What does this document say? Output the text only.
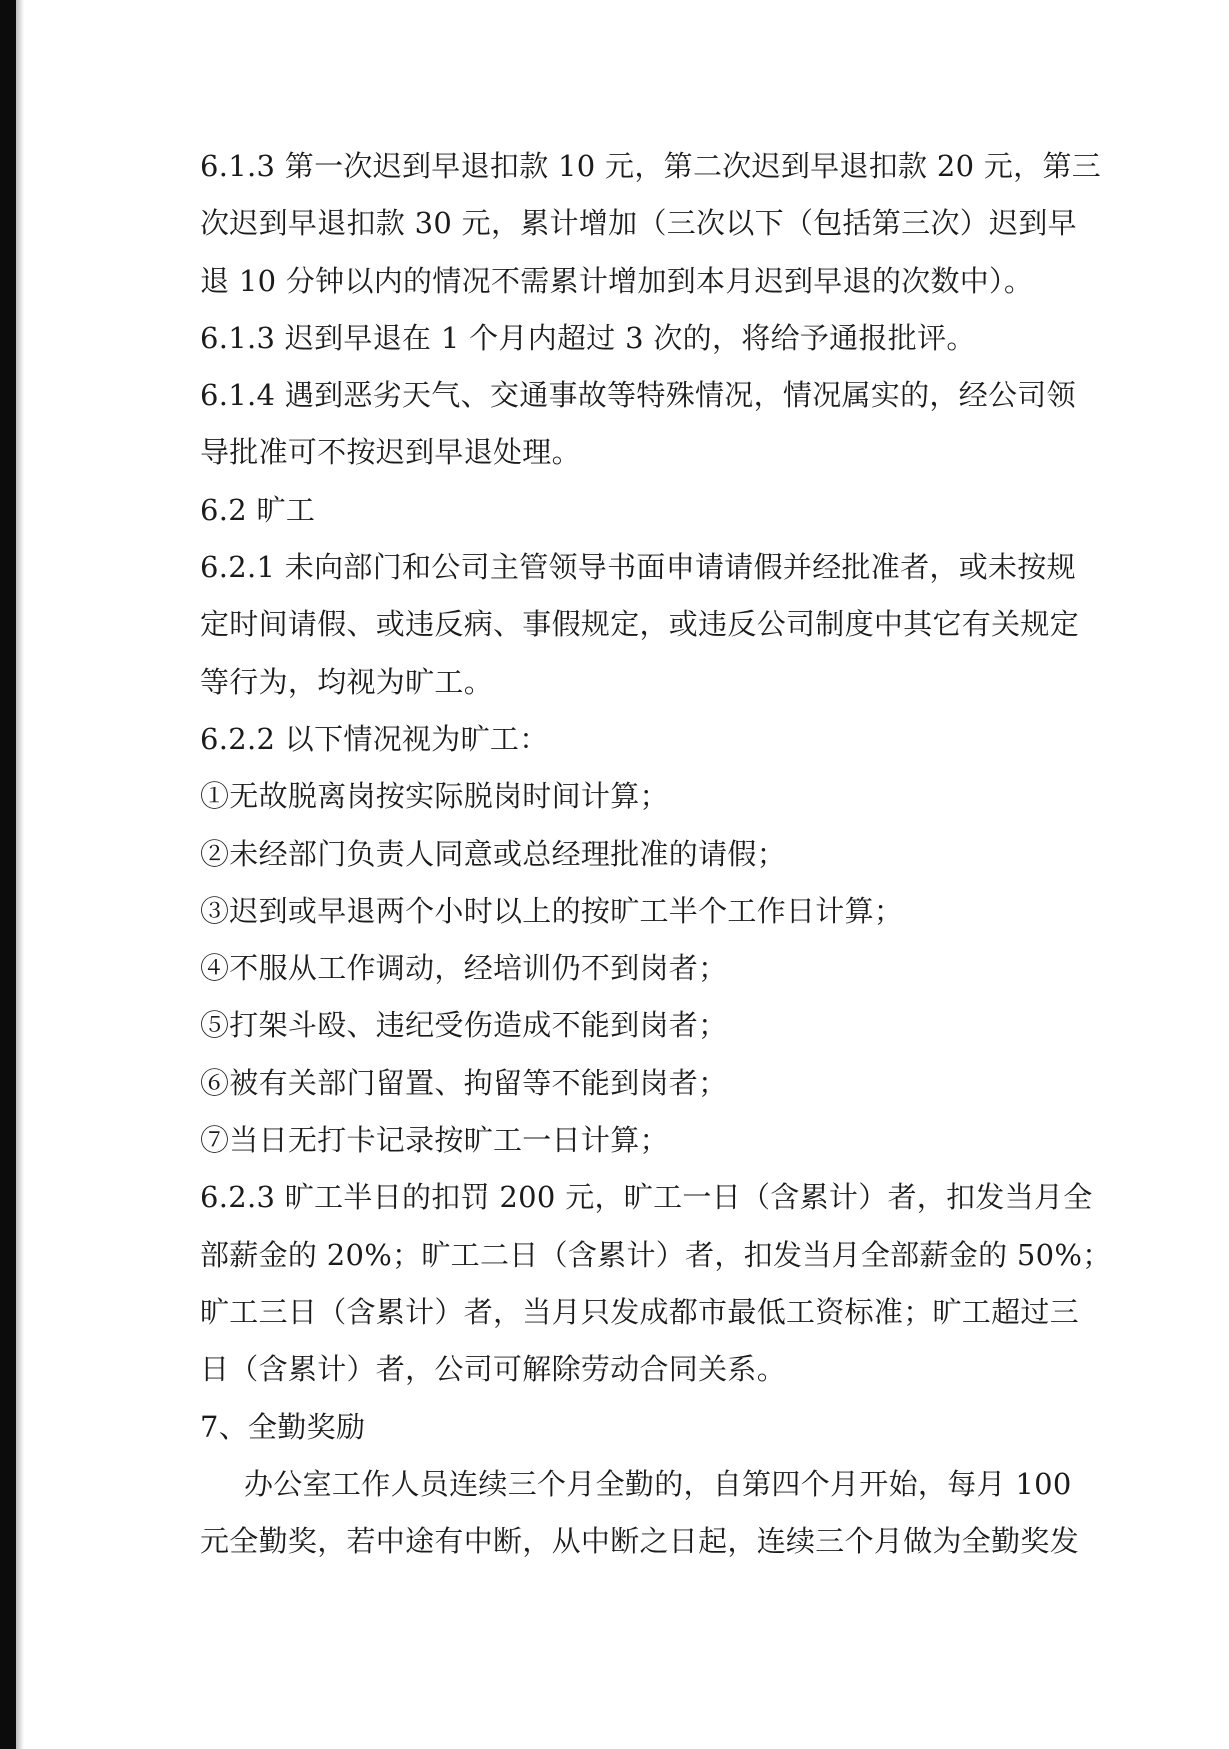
6.1.3 第一次迟到早退扣款 10 元，第二次迟到早退扣款 20 元，第三
次迟到早退扣款 30 元，累计增加（三次以下（包括第三次）迟到早
退 10 分钟以内的情况不需累计增加到本月迟到早退的次数中）。
6.1.3 迟到早退在 1 个月内超过 3 次的，将给予通报批评。
6.1.4 遇到恶劣天气、交通事故等特殊情况，情况属实的，经公司领
导批准可不按迟到早退处理。
6.2 旷工
6.2.1 未向部门和公司主管领导书面申请请假并经批准者，或未按规
定时间请假、或违反病、事假规定，或违反公司制度中其它有关规定
等行为，均视为旷工。
6.2.2 以下情况视为旷工：
①无故脱离岗按实际脱岗时间计算；
②未经部门负责人同意或总经理批准的请假；
③迟到或早退两个小时以上的按旷工半个工作日计算；
④不服从工作调动，经培训仍不到岗者；
⑤打架斗殴、违纪受伤造成不能到岗者；
⑥被有关部门留置、拘留等不能到岗者；
⑦当日无打卡记录按旷工一日计算；
6.2.3 旷工半日的扣罚 200 元，旷工一日（含累计）者，扣发当月全
部薪金的 20%；旷工二日（含累计）者，扣发当月全部薪金的 50%；
旷工三日（含累计）者，当月只发成都市最低工资标准；旷工超过三
日（含累计）者，公司可解除劳动合同关系。
7、全勤奖励
办公室工作人员连续三个月全勤的，自第四个月开始，每月 100
元全勤奖，若中途有中断，从中断之日起，连续三个月做为全勤奖发
